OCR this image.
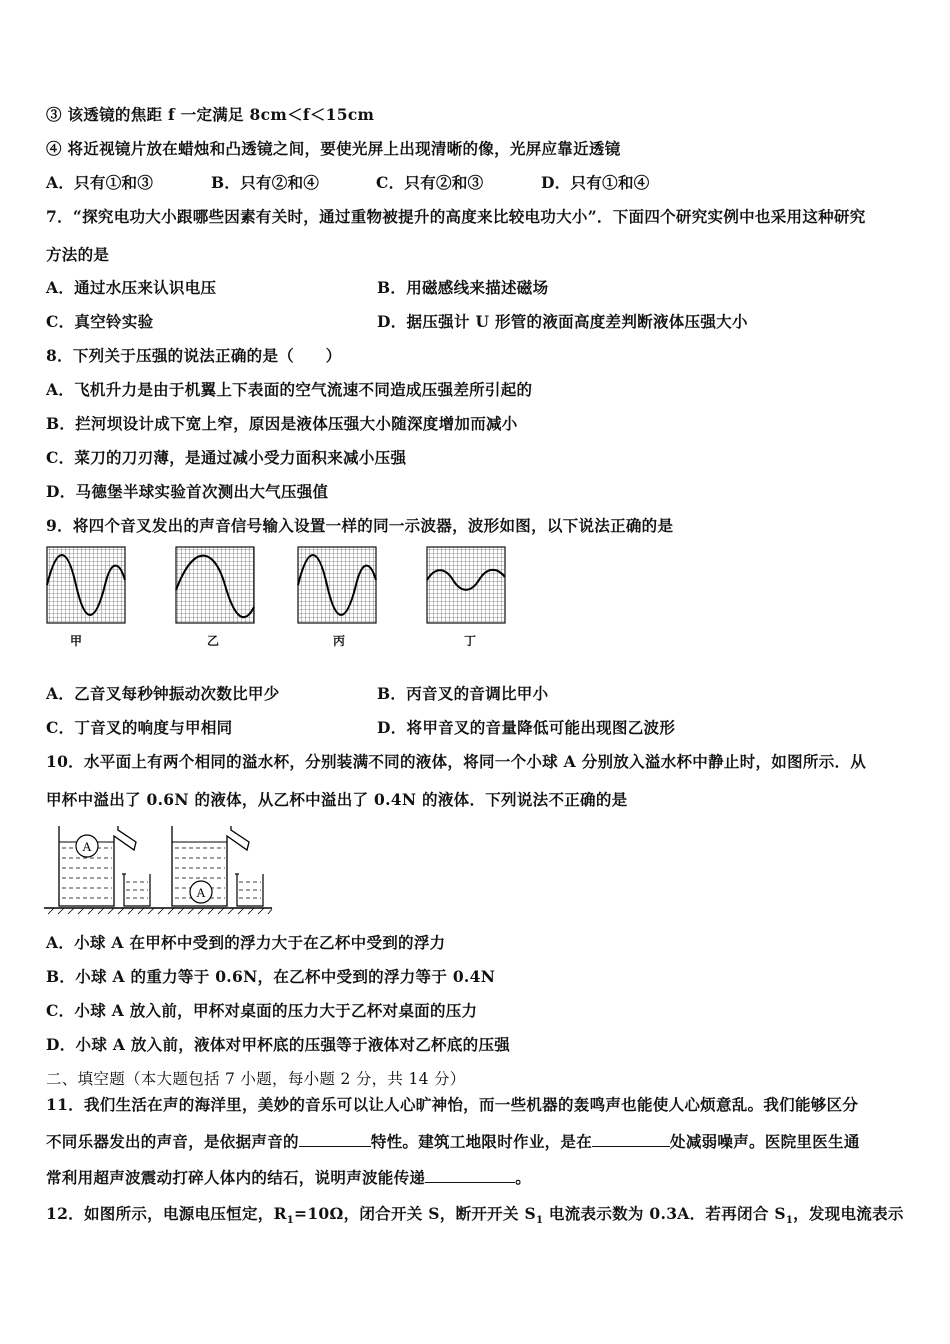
③ 该透镜的焦距 f 一定满足 8cm＜f＜15cm
④ 将近视镜片放在蜡烛和凸透镜之间，要使光屏上出现清晰的像，光屏应靠近透镜
A．只有①和③	B．只有②和④	C．只有②和③	D．只有①和④
7．“探究电功大小跟哪些因素有关时，通过重物被提升的高度来比较电功大小”．下面四个研究实例中也采用这种研究
方法的是
A．通过水压来认识电压	B．用磁感线来描述磁场
C．真空铃实验	D．据压强计 U 形管的液面高度差判断液体压强大小
8．下列关于压强的说法正确的是（　　）
A．飞机升力是由于机翼上下表面的空气流速不同造成压强差所引起的
B．拦河坝设计成下宽上窄，原因是液体压强大小随深度增加而减小
C．菜刀的刀刃薄，是通过减小受力面积来减小压强
D．马德堡半球实验首次测出大气压强值
9．将四个音叉发出的声音信号输入设置一样的同一示波器，波形如图，以下说法正确的是
甲	乙	丙	丁
A．乙音叉每秒钟振动次数比甲少	B．丙音叉的音调比甲小
C．丁音叉的响度与甲相同	D．将甲音叉的音量降低可能出现图乙波形
10．水平面上有两个相同的溢水杯，分别装满不同的液体，将同一个小球 A 分别放入溢水杯中静止时，如图所示．从
甲杯中溢出了 0.6N 的液体，从乙杯中溢出了 0.4N 的液体．下列说法不正确的是
A
A
A．小球 A 在甲杯中受到的浮力大于在乙杯中受到的浮力
B．小球 A 的重力等于 0.6N，在乙杯中受到的浮力等于 0.4N
C．小球 A 放入前，甲杯对桌面的压力大于乙杯对桌面的压力
D．小球 A 放入前，液体对甲杯底的压强等于液体对乙杯底的压强
二、填空题（本大题包括 7 小题，每小题 2 分，共 14 分）
11．我们生活在声的海洋里，美妙的音乐可以让人心旷神怡，而一些机器的轰鸣声也能使人心烦意乱。我们能够区分
不同乐器发出的声音，是依据声音的	特性。建筑工地限时作业，是在	处减弱噪声。医院里医生通
常利用超声波震动打碎人体内的结石，说明声波能传递	。
12．如图所示，电源电压恒定，$R_1=10\Omega$，闭合开关 S，断开开关 $S_1$ 电流表示数为 0.3A．若再闭合 $S_1$，发现电流表示
